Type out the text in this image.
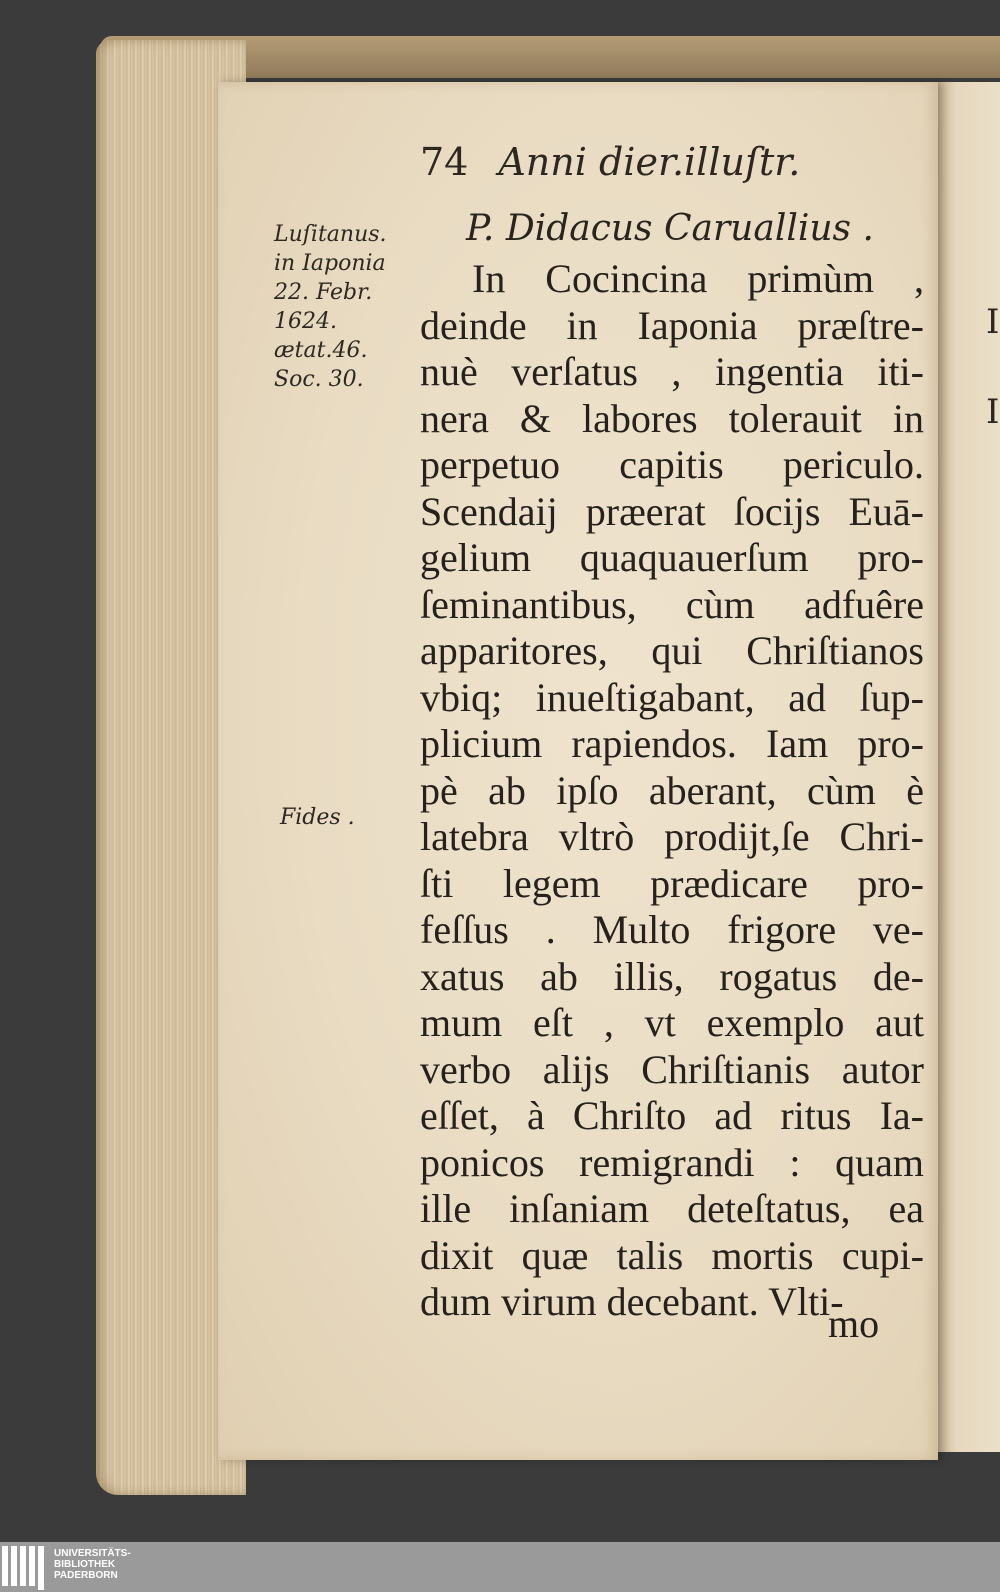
I
I
74 Anni dier.illuſtr.
P. Didacus Caruallius .
Luſitanus.
in Iaponia
22. Febr.
1624.
ætat.46.
Soc. 30.
Fides .
In Cocincina primùm ,
deinde in Iaponia præſtre-
nuè verſatus , ingentia iti-
nera & labores tolerauit in
perpetuo capitis periculo.
Scendaij præerat ſocijs Euā-
gelium quaquauerſum pro-
ſeminantibus, cùm adfuêre
apparitores, qui Chriſtianos
vbiq; inueſtigabant, ad ſup-
plicium rapiendos. Iam pro-
pè ab ipſo aberant, cùm è
latebra vltrò prodijt,ſe Chri-
ſti legem prædicare pro-
feſſus . Multo frigore ve-
xatus ab illis, rogatus de-
mum eſt , vt exemplo aut
verbo alijs Chriſtianis autor
eſſet, à Chriſto ad ritus Ia-
ponicos remigrandi : quam
ille inſaniam deteſtatus, ea
dixit quæ talis mortis cupi-
dum virum decebant. Vlti-
mo
UNIVERSITÄTS-
BIBLIOTHEK
PADERBORN
